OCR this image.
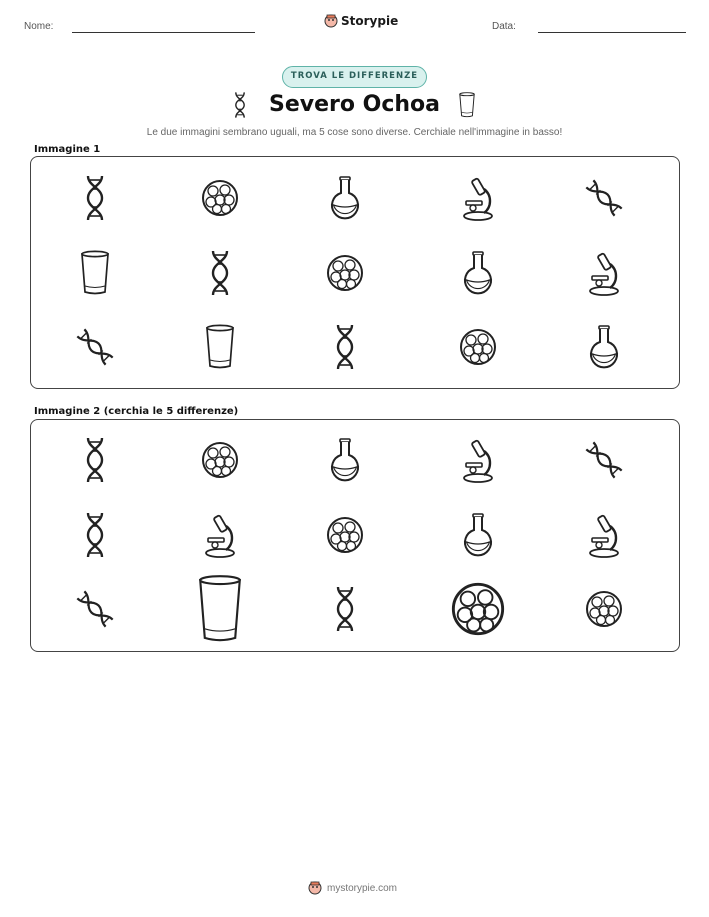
Nome:	Storypie	Data:
TROVA LE DIFFERENZE
Severo Ochoa
Le due immagini sembrano uguali, ma 5 cose sono diverse. Cerchiale nell'immagine in basso!
Immagine 1
Immagine 2 (cerchia le 5 differenze)
mystorypie.com
